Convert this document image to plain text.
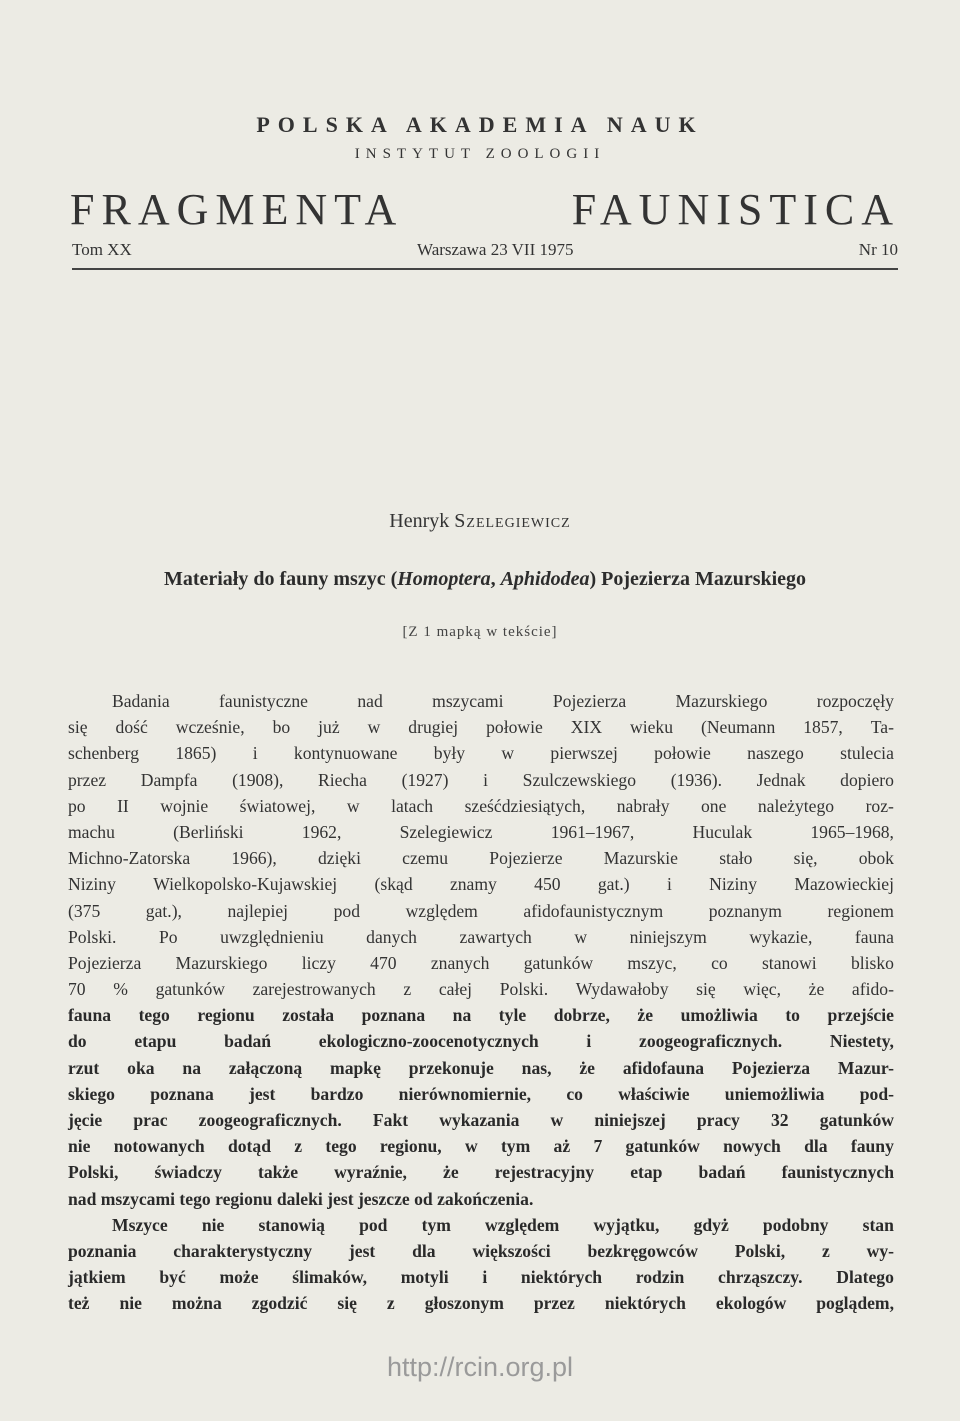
POLSKA AKADEMIA NAUK
INSTYTUT ZOOLOGII
FRAGMENTA	FAUNISTICA
Tom XX	Warszawa 23 VII 1975	Nr 10
Henryk Szelegiewicz
Materiały do fauny mszyc (Homoptera, Aphidodea) Pojezierza Mazurskiego
[Z 1 mapką w tekście]
Badania	faunistyczne	nad	mszycami	Pojezierza	Mazurskiego	rozpoczęły
się dość wcześnie, bo już w drugiej połowie XIX wieku (Neumann 1857, Ta-
schenberg 1865) i kontynuowane były w pierwszej połowie naszego stulecia
przez Dampfa (1908), Riecha (1927) i Szulczewskiego (1936). Jednak dopiero
po II wojnie światowej, w latach sześćdziesiątych, nabrały one należytego roz-
machu	(Berliński	1962,	Szelegiewicz	1961–1967,	Huculak	1965–1968,
Michno-Zatorska 1966), dzięki czemu Pojezierze Mazurskie stało się, obok
Niziny Wielkopolsko-Kujawskiej (skąd znamy 450 gat.) i Niziny Mazowieckiej
(375	gat.),	najlepiej	pod	względem	afidofaunistycznym	poznanym	regionem
Polski. Po uwzględnieniu danych zawartych w niniejszym wykazie, fauna
Pojezierza Mazurskiego liczy 470 znanych gatunków mszyc, co stanowi blisko
70 % gatunków zarejestrowanych z całej Polski. Wydawałoby się więc, że afido-
fauna tego regionu została poznana na tyle dobrze, że umożliwia to przejście
do	etapu	badań	ekologiczno-zoocenotycznych	i	zoogeograficznych.	Niestety,
rzut oka na załączoną mapkę przekonuje nas, że afidofauna Pojezierza Mazur-
skiego poznana jest bardzo nierównomiernie, co właściwie uniemożliwia pod-
jęcie prac zoogeograficznych. Fakt wykazania w niniejszej pracy 32 gatunków
nie notowanych dotąd z tego regionu, w tym aż 7 gatunków nowych dla fauny
Polski, świadczy także wyraźnie, że rejestracyjny etap badań faunistycznych
nad mszycami tego regionu daleki jest jeszcze od zakończenia.
Mszyce nie stanowią pod tym względem wyjątku, gdyż podobny stan
poznania charakterystyczny jest dla większości bezkręgowców Polski, z wy-
jątkiem być może ślimaków, motyli i niektórych rodzin chrząszczy. Dlatego
też nie można zgodzić się z głoszonym przez niektórych ekologów poglądem,
http://rcin.org.pl
